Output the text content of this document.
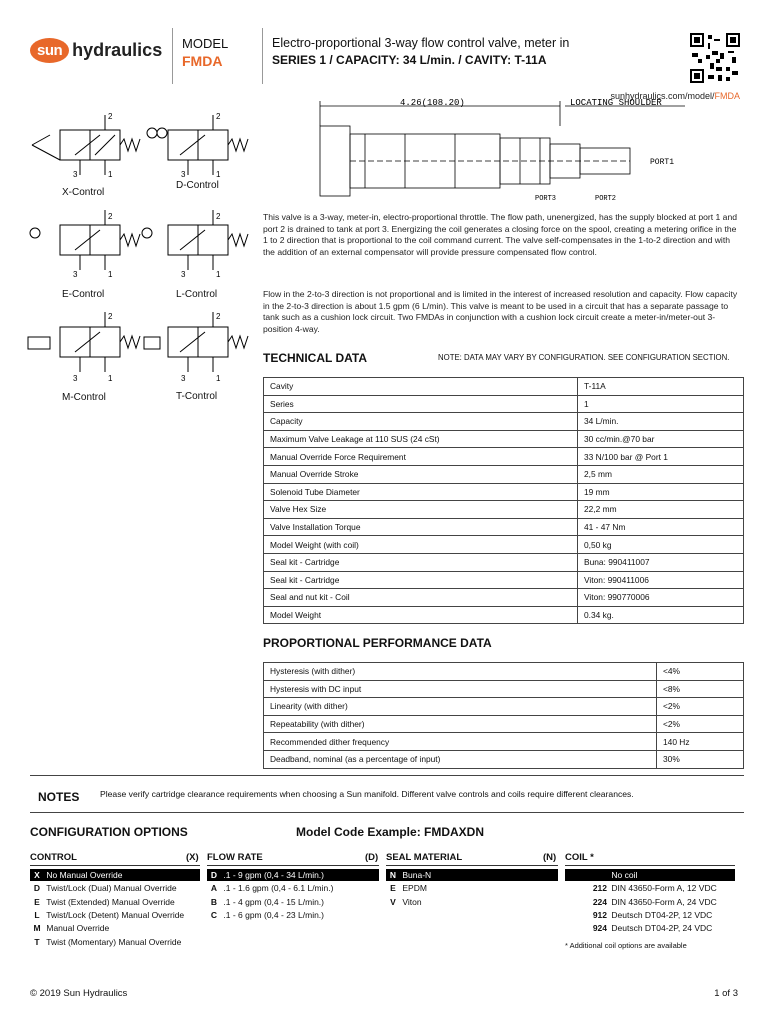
sun hydraulics MODEL
FMDA
Electro-proportional 3-way flow control valve, meter in
SERIES 1 / CAPACITY: 34 L/min. / CAVITY: T-11A
sunhydraulics.com/model/FMDA
2
3	1
2
3	1
2
3	1
2
3	1
2
3	1
2
3	1
X-Control
D-Control
E-Control	L-Control
M-Control	T-Control
4.26(108.20)	LOCATING SHOULDER
PORT1
PORT3	PORT2
This valve is a 3-way, meter-in, electro-proportional throttle. The flow path, unenergized, has the supply blocked at port 1 and port 2 is drained to tank at port 3. Energizing the coil generates a closing force on the spool, creating a metering orifice in the 1 to 2 direction that is proportional to the coil command current. The valve self-compensates in the 1-to-2 direction and with the addition of an external compensator will provide pressure compensated flow control.
Flow in the 2-to-3 direction is not proportional and is limited in the interest of increased resolution and capacity. Flow capacity in the 2-to-3 direction is about 1.5 gpm (6 L/min). This valve is meant to be used in a circuit that has a separate passage to tank such as a cushion lock circuit. Two FMDAs in conjunction with a cushion lock circuit create a meter-in/meter-out 3-position 4-way.
TECHNICAL DATA	NOTE: DATA MAY VARY BY CONFIGURATION. SEE CONFIGURATION SECTION.
Cavity	T-11A
Series	1
Capacity	34 L/min.
Maximum Valve Leakage at 110 SUS (24 cSt)	30 cc/min.@70 bar
Manual Override Force Requirement	33 N/100 bar @ Port 1
Manual Override Stroke	2,5 mm
Solenoid Tube Diameter	19 mm
Valve Hex Size	22,2 mm
Valve Installation Torque	41 - 47 Nm
Model Weight (with coil)	0,50 kg
Seal kit - Cartridge	Buna: 990411007
Seal kit - Cartridge	Viton: 990411006
Seal and nut kit - Coil	Viton: 990770006
Model Weight	0.34 kg.
PROPORTIONAL PERFORMANCE DATA
Hysteresis (with dither)	<4%
Hysteresis with DC input	<8%
Linearity (with dither)	<2%
Repeatability (with dither)	<2%
Recommended dither frequency	140 Hz
Deadband, nominal (as a percentage of input)	30%
NOTES Please verify cartridge clearance requirements when choosing a Sun manifold. Different valve controls and coils require different clearances.
CONFIGURATION OPTIONS	Model Code Example: FMDAXDN
CONTROL	(X) FLOW RATE	(D) SEAL MATERIAL	(N) COIL *
X No Manual Override
D Twist/Lock (Dual) Manual Override
E Twist (Extended) Manual Override
L Twist/Lock (Detent) Manual Override
M Manual Override
T Twist (Momentary) Manual Override
D .1 - 9 gpm (0,4 - 34 L/min.)
A .1 - 1.6 gpm (0,4 - 6.1 L/min.)
B .1 - 4 gpm (0,4 - 15 L/min.)
C .1 - 6 gpm (0,4 - 23 L/min.)
N Buna-N
E EPDM
V Viton
No coil
212 DIN 43650-Form A, 12 VDC
224 DIN 43650-Form A, 24 VDC
912 Deutsch DT04-2P, 12 VDC
924 Deutsch DT04-2P, 24 VDC
* Additional coil options are available
© 2019 Sun Hydraulics	1 of 3
